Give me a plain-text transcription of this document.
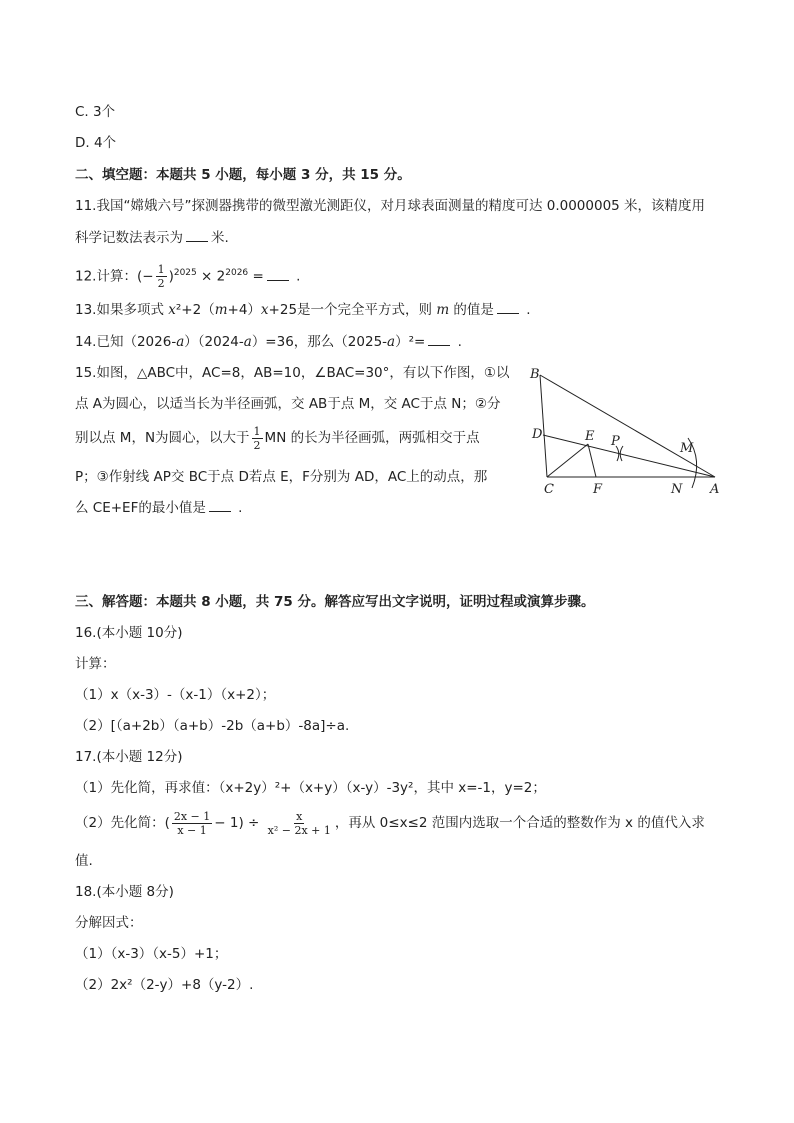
C. 3个
D. 4个
二、填空题：本题共 5 小题，每小题 3 分，共 15 分。
11.我国“嫦娥六号”探测器携带的微型激光测距仪，对月球表面测量的精度可达 0.0000005 米，该精度用
科学记数法表示为 米.
12.计算：(− $\frac{1}{2} )^{2025} \times 2^{2026}$ = .
13.如果多项式 x²+2（m+4）x+25是一个完全平方式，则 m 的值是 .
14.已知（2026-a）（2024-a）=36，那么（2025-a）²= .
15.如图，△ABC中，AC=8，AB=10，∠BAC=30°，有以下作图，①以
点 A为圆心，以适当长为半径画弧，交 AB于点 M，交 AC于点 N；②分
别以点 M，N为圆心，以大于 $\frac{1}{2}$ MN 的长为半径画弧，两弧相交于点
P；③作射线 AP交 BC于点 D若点 E，F分别为 AD，AC上的动点，那
么 CE+EF的最小值是 .
B
D	E P	M
C	F	N A
三、解答题：本题共 8 小题，共 75 分。解答应写出文字说明，证明过程或演算步骤。
16.(本小题 10分)
计算：
（1）x（x-3）-（x-1）（x+2）；
（2）[（a+2b）（a+b）-2b（a+b）-8a]÷a.
17.(本小题 12分)
（1）先化简，再求值：（x+2y）²+（x+y）（x-y）-3y²，其中 x=-1，y=2；
（2）先化简：( $\frac{2x - 1}{x - 1} - 1) \div \frac{x}{\text{x² − 2x + 1}}$ ，再从 0≤x≤2 范围内选取一个合适的整数作为 x 的值代入求
值.
18.(本小题 8分)
分解因式：
（1）（x-3）（x-5）+1；
（2）2x²（2-y）+8（y-2）.
